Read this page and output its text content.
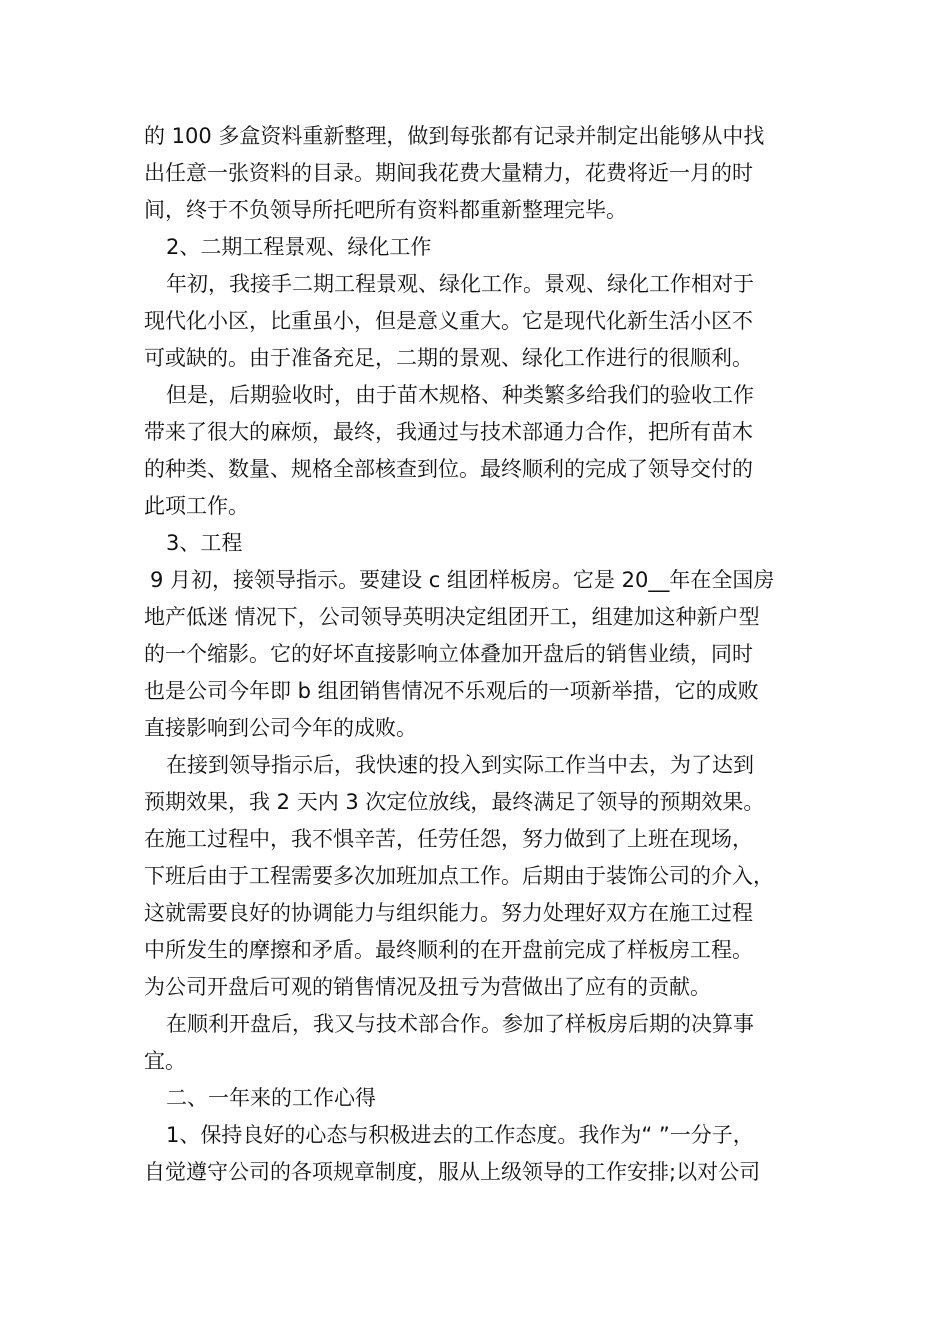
的 100 多盒资料重新整理，做到每张都有记录并制定出能够从中找
出任意一张资料的目录。期间我花费大量精力，花费将近一月的时
间，终于不负领导所托吧所有资料都重新整理完毕。
2、二期工程景观、绿化工作
年初，我接手二期工程景观、绿化工作。景观、绿化工作相对于
现代化小区，比重虽小，但是意义重大。它是现代化新生活小区不
可或缺的。由于准备充足，二期的景观、绿化工作进行的很顺利。
但是，后期验收时，由于苗木规格、种类繁多给我们的验收工作
带来了很大的麻烦，最终，我通过与技术部通力合作，把所有苗木
的种类、数量、规格全部核查到位。最终顺利的完成了领导交付的
此项工作。
3、工程
9 月初，接领导指示。要建设 c 组团样板房。它是 20__年在全国房
地产低迷 情况下，公司领导英明决定组团开工，组建加这种新户型
的一个缩影。它的好坏直接影响立体叠加开盘后的销售业绩，同时
也是公司今年即 b 组团销售情况不乐观后的一项新举措，它的成败
直接影响到公司今年的成败。
在接到领导指示后，我快速的投入到实际工作当中去，为了达到
预期效果，我 2 天内 3 次定位放线，最终满足了领导的预期效果。
在施工过程中，我不惧辛苦，任劳任怨，努力做到了上班在现场，
下班后由于工程需要多次加班加点工作。后期由于装饰公司的介入，
这就需要良好的协调能力与组织能力。努力处理好双方在施工过程
中所发生的摩擦和矛盾。最终顺利的在开盘前完成了样板房工程。
为公司开盘后可观的销售情况及扭亏为营做出了应有的贡献。
在顺利开盘后，我又与技术部合作。参加了样板房后期的决算事
宜。
二、一年来的工作心得
1、保持良好的心态与积极进去的工作态度。我作为“ ”一分子，
自觉遵守公司的各项规章制度，服从上级领导的工作安排;以对公司
